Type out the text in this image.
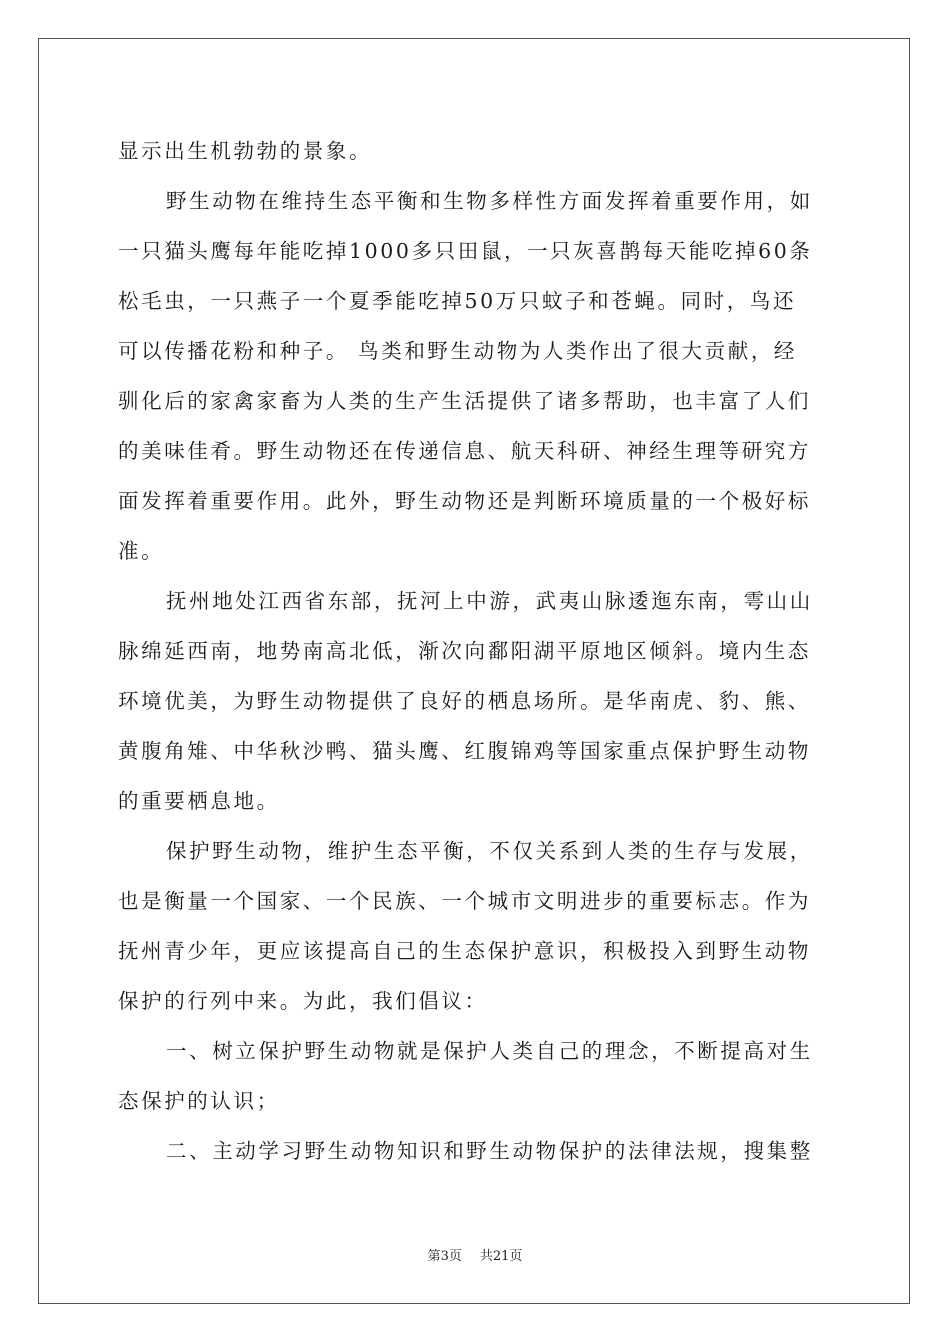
显示出生机勃勃的景象。
野生动物在维持生态平衡和生物多样性方面发挥着重要作用，如
一只猫头鹰每年能吃掉1000多只田鼠，一只灰喜鹊每天能吃掉60条
松毛虫，一只燕子一个夏季能吃掉50万只蚊子和苍蝇。同时，鸟还
可以传播花粉和种子。 鸟类和野生动物为人类作出了很大贡献，经
驯化后的家禽家畜为人类的生产生活提供了诸多帮助，也丰富了人们
的美味佳肴。野生动物还在传递信息、航天科研、神经生理等研究方
面发挥着重要作用。此外，野生动物还是判断环境质量的一个极好标
准。
抚州地处江西省东部，抚河上中游，武夷山脉逶迤东南，雩山山
脉绵延西南，地势南高北低，渐次向鄱阳湖平原地区倾斜。境内生态
环境优美，为野生动物提供了良好的栖息场所。是华南虎、豹、熊、
黄腹角雉、中华秋沙鸭、猫头鹰、红腹锦鸡等国家重点保护野生动物
的重要栖息地。
保护野生动物，维护生态平衡，不仅关系到人类的生存与发展，
也是衡量一个国家、一个民族、一个城市文明进步的重要标志。作为
抚州青少年，更应该提高自己的生态保护意识，积极投入到野生动物
保护的行列中来。为此，我们倡议：
一、树立保护野生动物就是保护人类自己的理念，不断提高对生
态保护的认识；
二、主动学习野生动物知识和野生动物保护的法律法规，搜集整
第3页 共21页
